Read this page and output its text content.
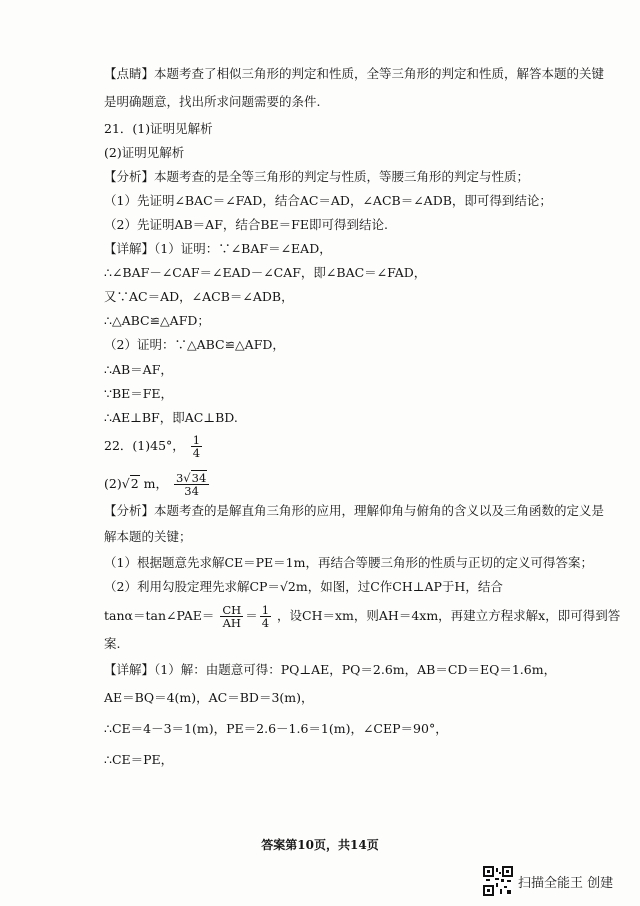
【点睛】本题考查了相似三角形的判定和性质，全等三角形的判定和性质，解答本题的关键
是明确题意，找出所求问题需要的条件.
21．(1)证明见解析
(2)证明见解析
【分析】本题考查的是全等三角形的判定与性质，等腰三角形的判定与性质；
（1）先证明∠BAC＝∠FAD，结合AC＝AD，∠ACB＝∠ADB，即可得到结论；
（2）先证明AB＝AF，结合BE＝FE即可得到结论.
【详解】（1）证明：∵∠BAF＝∠EAD，
∴∠BAF－∠CAF＝∠EAD－∠CAF，即∠BAC＝∠FAD，
又∵AC＝AD，∠ACB＝∠ADB，
∴△ABC≌△AFD；
（2）证明：∵△ABC≌△AFD，
∴AB＝AF，
∵BE＝FE，
∴AE⊥BF，即AC⊥BD.
22．(1)45°， $\frac{1}{4}$
(2)√2 m， $\frac{3√34}{34}$
【分析】本题考查的是解直角三角形的应用，理解仰角与俯角的含义以及三角函数的定义是
解本题的关键；
（1）根据题意先求解CE＝PE＝1m，再结合等腰三角形的性质与正切的定义可得答案；
（2）利用勾股定理先求解CP＝√2m，如图，过C作CH⊥AP于H，结合
tanα＝tan∠PAE＝ $\frac{CH}{AH} = \frac{1}{4}$ ，设CH＝xm，则AH＝4xm，再建立方程求解x，即可得到答
案.
【详解】（1）解：由题意可得：PQ⊥AE，PQ＝2.6m，AB＝CD＝EQ＝1.6m，
AE＝BQ＝4(m)，AC＝BD＝3(m)，
∴CE＝4－3＝1(m)，PE＝2.6－1.6＝1(m)，∠CEP＝90°，
∴CE＝PE，
答案第10页，共14页
扫描全能王 创建
